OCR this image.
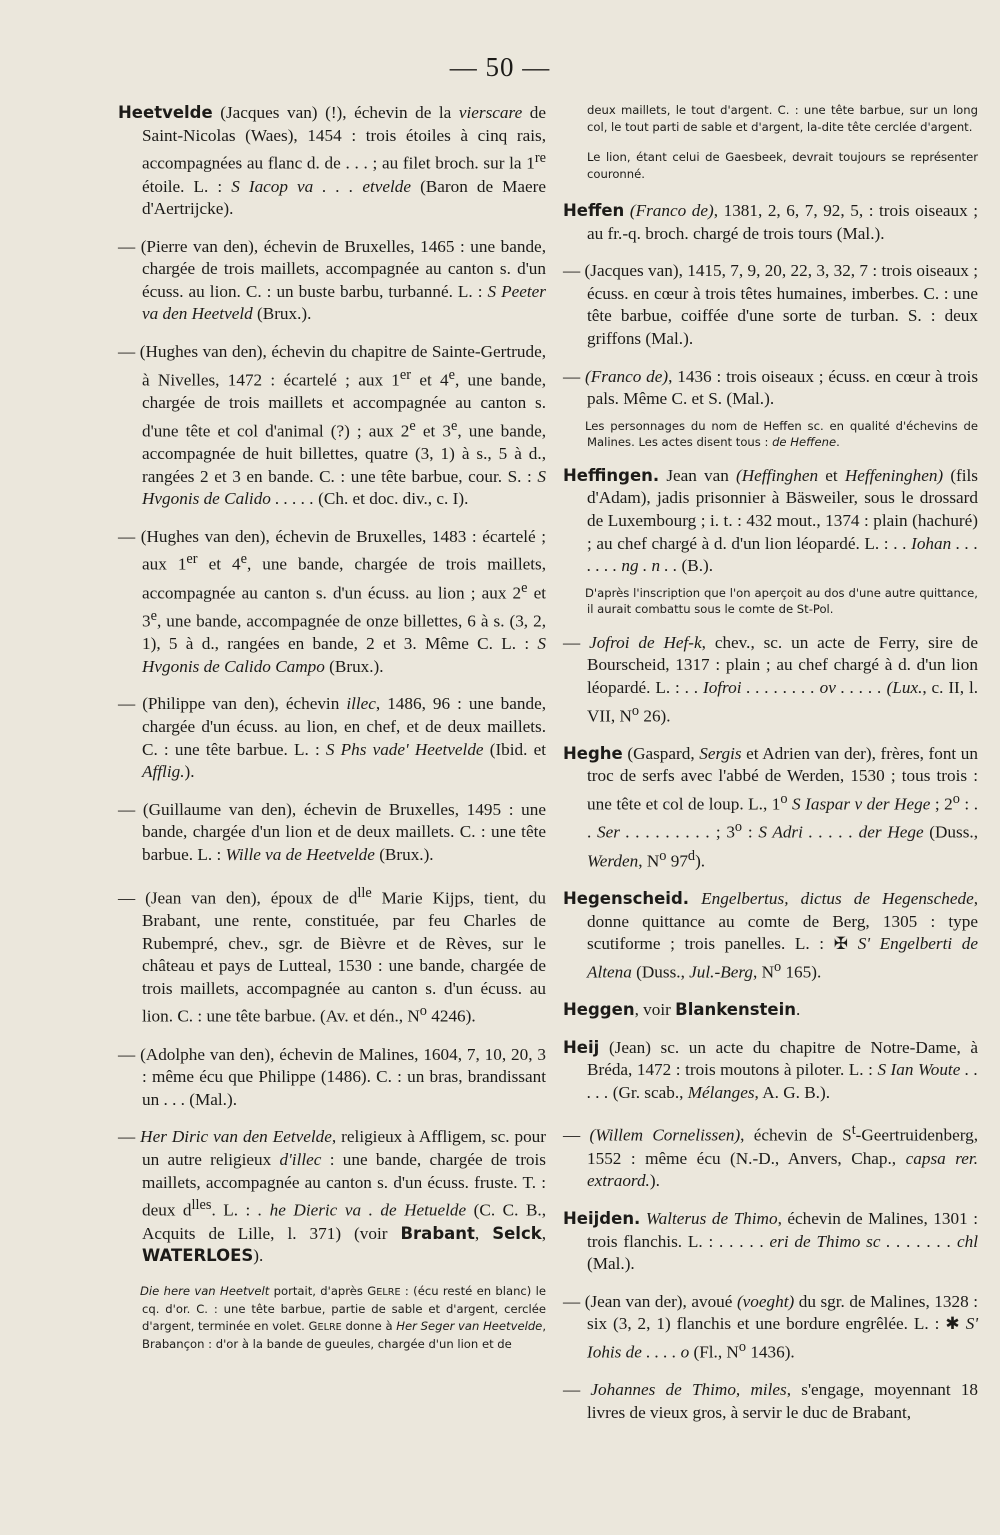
— 50 —

Heetvelde (Jacques van) (!), échevin de la vierscare de Saint-Nicolas (Waes), 1454 : trois étoiles à cinq rais, accompagnées au flanc d. de . . . ; au filet broch. sur la 1re étoile. L. : S Iacop va . . . etvelde (Baron de Maere d'Aertrijcke).

— (Pierre van den), échevin de Bruxelles, 1465 : une bande, chargée de trois maillets, accompagnée au canton s. d'un écuss. au lion. C. : un buste barbu, turbanné. L. : S Peeter va den Heetveld (Brux.).

— (Hughes van den), échevin du chapitre de Sainte-Gertrude, à Nivelles, 1472 : écartelé ; aux 1er et 4e, une bande, chargée de trois maillets et accompagnée au canton s. d'une tête et col d'animal (?) ; aux 2e et 3e, une bande, accompagnée de huit billettes, quatre (3, 1) à s., 5 à d., rangées 2 et 3 en bande. C. : une tête barbue, cour. S. : S Hvgonis de Calido . . . . . (Ch. et doc. div., c. I).

— (Hughes van den), échevin de Bruxelles, 1483 : écartelé ; aux 1er et 4e, une bande, chargée de trois maillets, accompagnée au canton s. d'un écuss. au lion ; aux 2e et 3e, une bande, accompagnée de onze billettes, 6 à s. (3, 2, 1), 5 à d., rangées en bande, 2 et 3. Même C. L. : S Hvgonis de Calido Campo (Brux.).

— (Philippe van den), échevin illec, 1486, 96 : une bande, chargée d'un écuss. au lion, en chef, et de deux maillets. C. : une tête barbue. L. : S Phs vade' Heetvelde (Ibid. et Afflig.).

— (Guillaume van den), échevin de Bruxelles, 1495 : une bande, chargée d'un lion et de deux maillets. C. : une tête barbue. L. : Wille va de Heetvelde (Brux.).

— (Jean van den), époux de $d^{lle}$ Marie Kijps, tient, du Brabant, une rente, constituée, par feu Charles de Rubempré, chev., sgr. de Bièvre et de Rèves, sur le château et pays de Lutteal, 1530 : une bande, chargée de trois maillets, accompagnée au canton s. d'un écuss. au lion. C. : une tête barbue. (Av. et dén., $N^o$ 4246).

— (Adolphe van den), échevin de Malines, 1604, 7, 10, 20, 3 : même écu que Philippe (1486). C. : un bras, brandissant un . . . (Mal.).

— Her Diric van den Eetvelde, religieux à Affligem, sc. pour un autre religieux d'illec : une bande, chargée de trois maillets, accompagnée au canton s. d'un écuss. fruste. T. : deux $d^{lles}$. L. : . he Dieric va . de Hetuelde (C. C. B., Acquits de Lille, l. 371) (voir Brabant, Selck, WATERLOES).

Die here van Heetvelt portait, d'après GELRE : (écu resté en blanc) le cq. d'or. C. : une tête barbue, partie de sable et d'argent, cerclée d'argent, terminée en volet. GELRE donne à Her Seger van Heetvelde, Brabançon : d'or à la bande de gueules, chargée d'un lion et de

deux maillets, le tout d'argent. C. : une tête barbue, sur un long col, le tout parti de sable et d'argent, la-dite tête cerclée d'argent.

Le lion, étant celui de Gaesbeek, devrait toujours se représenter couronné.

Heffen (Franco de), 1381, 2, 6, 7, 92, 5, : trois oiseaux ; au fr.-q. broch. chargé de trois tours (Mal.).

— (Jacques van), 1415, 7, 9, 20, 22, 3, 32, 7 : trois oiseaux ; écuss. en cœur à trois têtes humaines, imberbes. C. : une tête barbue, coiffée d'une sorte de turban. S. : deux griffons (Mal.).

— (Franco de), 1436 : trois oiseaux ; écuss. en cœur à trois pals. Même C. et S. (Mal.).

Les personnages du nom de Heffen sc. en qualité d'échevins de Malines. Les actes disent tous : de Heffene.

Heffingen. Jean van (Heffinghen et Heffeninghen) (fils d'Adam), jadis prisonnier à Bäsweiler, sous le drossard de Luxembourg ; i. t. : 432 mout., 1374 : plain (hachuré) ; au chef chargé à d. d'un lion léopardé. L. : . . Iohan . . . . . . . ng . n . . (B.).

D'après l'inscription que l'on aperçoit au dos d'une autre quittance, il aurait combattu sous le comte de St-Pol.

— Jofroi de Hef-k, chev., sc. un acte de Ferry, sire de Bourscheid, 1317 : plain ; au chef chargé à d. d'un lion léopardé. L. : . . Iofroi . . . . . . . . ov . . . . . (Lux., c. II, l. VII, $N^o$ 26).

Heghe (Gaspard, Sergis et Adrien van der), frères, font un troc de serfs avec l'abbé de Werden, 1530 ; tous trois : une tête et col de loup. L., 1$^o$ S Iaspar v der Hege ; 2$^o$ : . . Ser . . . . . . . . . ; 3$^o$ : S Adri . . . . . der Hege (Duss., Werden, $N^o$ 97$^d$).

Hegenscheid. Engelbertus, dictus de Hegenschede, donne quittance au comte de Berg, 1305 : type scutiforme ; trois panelles. L. : ✠ S' Engelberti de Altena (Duss., Jul.-Berg, $N^o$ 165).

Heggen, voir Blankenstein.

Heij (Jean) sc. un acte du chapitre de Notre-Dame, à Bréda, 1472 : trois moutons à piloter. L. : S Ian Woute . . . . . (Gr. scab., Mélanges, A. G. B.).

— (Willem Cornelissen), échevin de $S^t$-Geertruidenberg, 1552 : même écu (N.-D., Anvers, Chap., capsa rer. extraord.).

Heijden. Walterus de Thimo, échevin de Malines, 1301 : trois flanchis. L. : . . . . . eri de Thimo sc . . . . . . . chl (Mal.).

— (Jean van der), avoué (voeght) du sgr. de Malines, 1328 : six (3, 2, 1) flanchis et une bordure engrêlée. L. : ✱ S' Iohis de . . . . o (Fl., $N^o$ 1436).

— Johannes de Thimo, miles, s'engage, moyennant 18 livres de vieux gros, à servir le duc de Brabant,
